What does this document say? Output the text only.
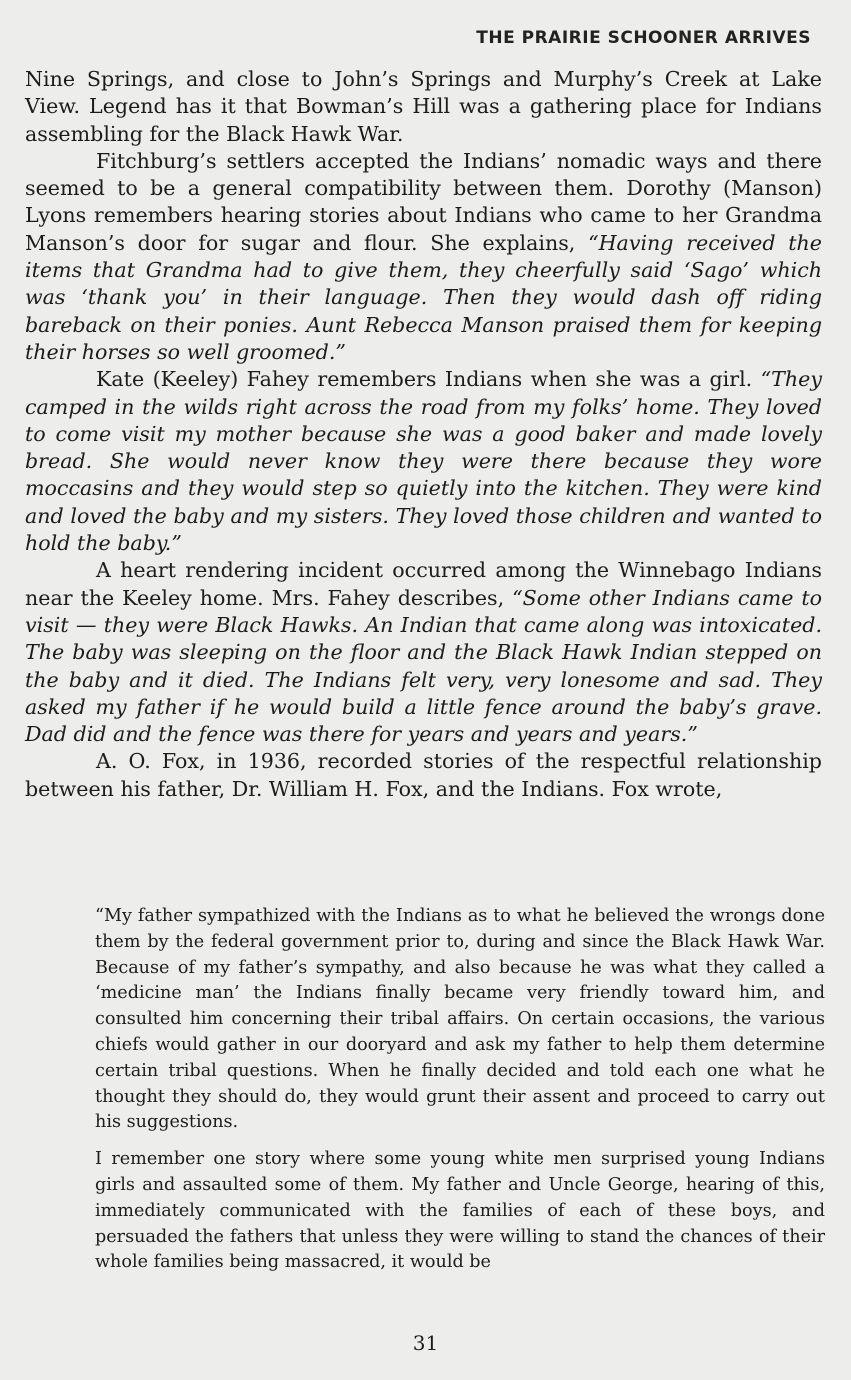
THE PRAIRIE SCHOONER ARRIVES

Nine Springs, and close to John’s Springs and Murphy’s Creek at Lake View. Legend has it that Bowman’s Hill was a gathering place for Indians assembling for the Black Hawk War.

Fitchburg’s settlers accepted the Indians’ nomadic ways and there seemed to be a general compatibility between them. Dorothy (Manson) Lyons remembers hearing stories about Indians who came to her Grandma Manson’s door for sugar and flour. She explains, “Having received the items that Grandma had to give them, they cheerfully said ‘Sago’ which was ‘thank you’ in their language. Then they would dash off riding bareback on their ponies. Aunt Rebecca Manson praised them for keeping their horses so well groomed.”

Kate (Keeley) Fahey remembers Indians when she was a girl. “They camped in the wilds right across the road from my folks’ home. They loved to come visit my mother because she was a good baker and made lovely bread. She would never know they were there because they wore moccasins and they would step so quietly into the kitchen. They were kind and loved the baby and my sisters. They loved those children and wanted to hold the baby.”

A heart rendering incident occurred among the Winnebago Indians near the Keeley home. Mrs. Fahey describes, “Some other Indians came to visit — they were Black Hawks. An Indian that came along was intoxicated. The baby was sleeping on the floor and the Black Hawk Indian stepped on the baby and it died. The Indians felt very, very lonesome and sad. They asked my father if he would build a little fence around the baby’s grave. Dad did and the fence was there for years and years and years.”

A. O. Fox, in 1936, recorded stories of the respectful relationship between his father, Dr. William H. Fox, and the Indians. Fox wrote,

“My father sympathized with the Indians as to what he believed the wrongs done them by the federal government prior to, during and since the Black Hawk War. Because of my father’s sympathy, and also because he was what they called a ‘medicine man’ the Indians finally became very friendly toward him, and consulted him concerning their tribal affairs. On certain occasions, the various chiefs would gather in our dooryard and ask my father to help them determine certain tribal questions. When he finally decided and told each one what he thought they should do, they would grunt their assent and proceed to carry out his suggestions.

I remember one story where some young white men surprised young Indians girls and assaulted some of them. My father and Uncle George, hearing of this, immediately communicated with the families of each of these boys, and persuaded the fathers that unless they were willing to stand the chances of their whole families being massacred, it would be

31
